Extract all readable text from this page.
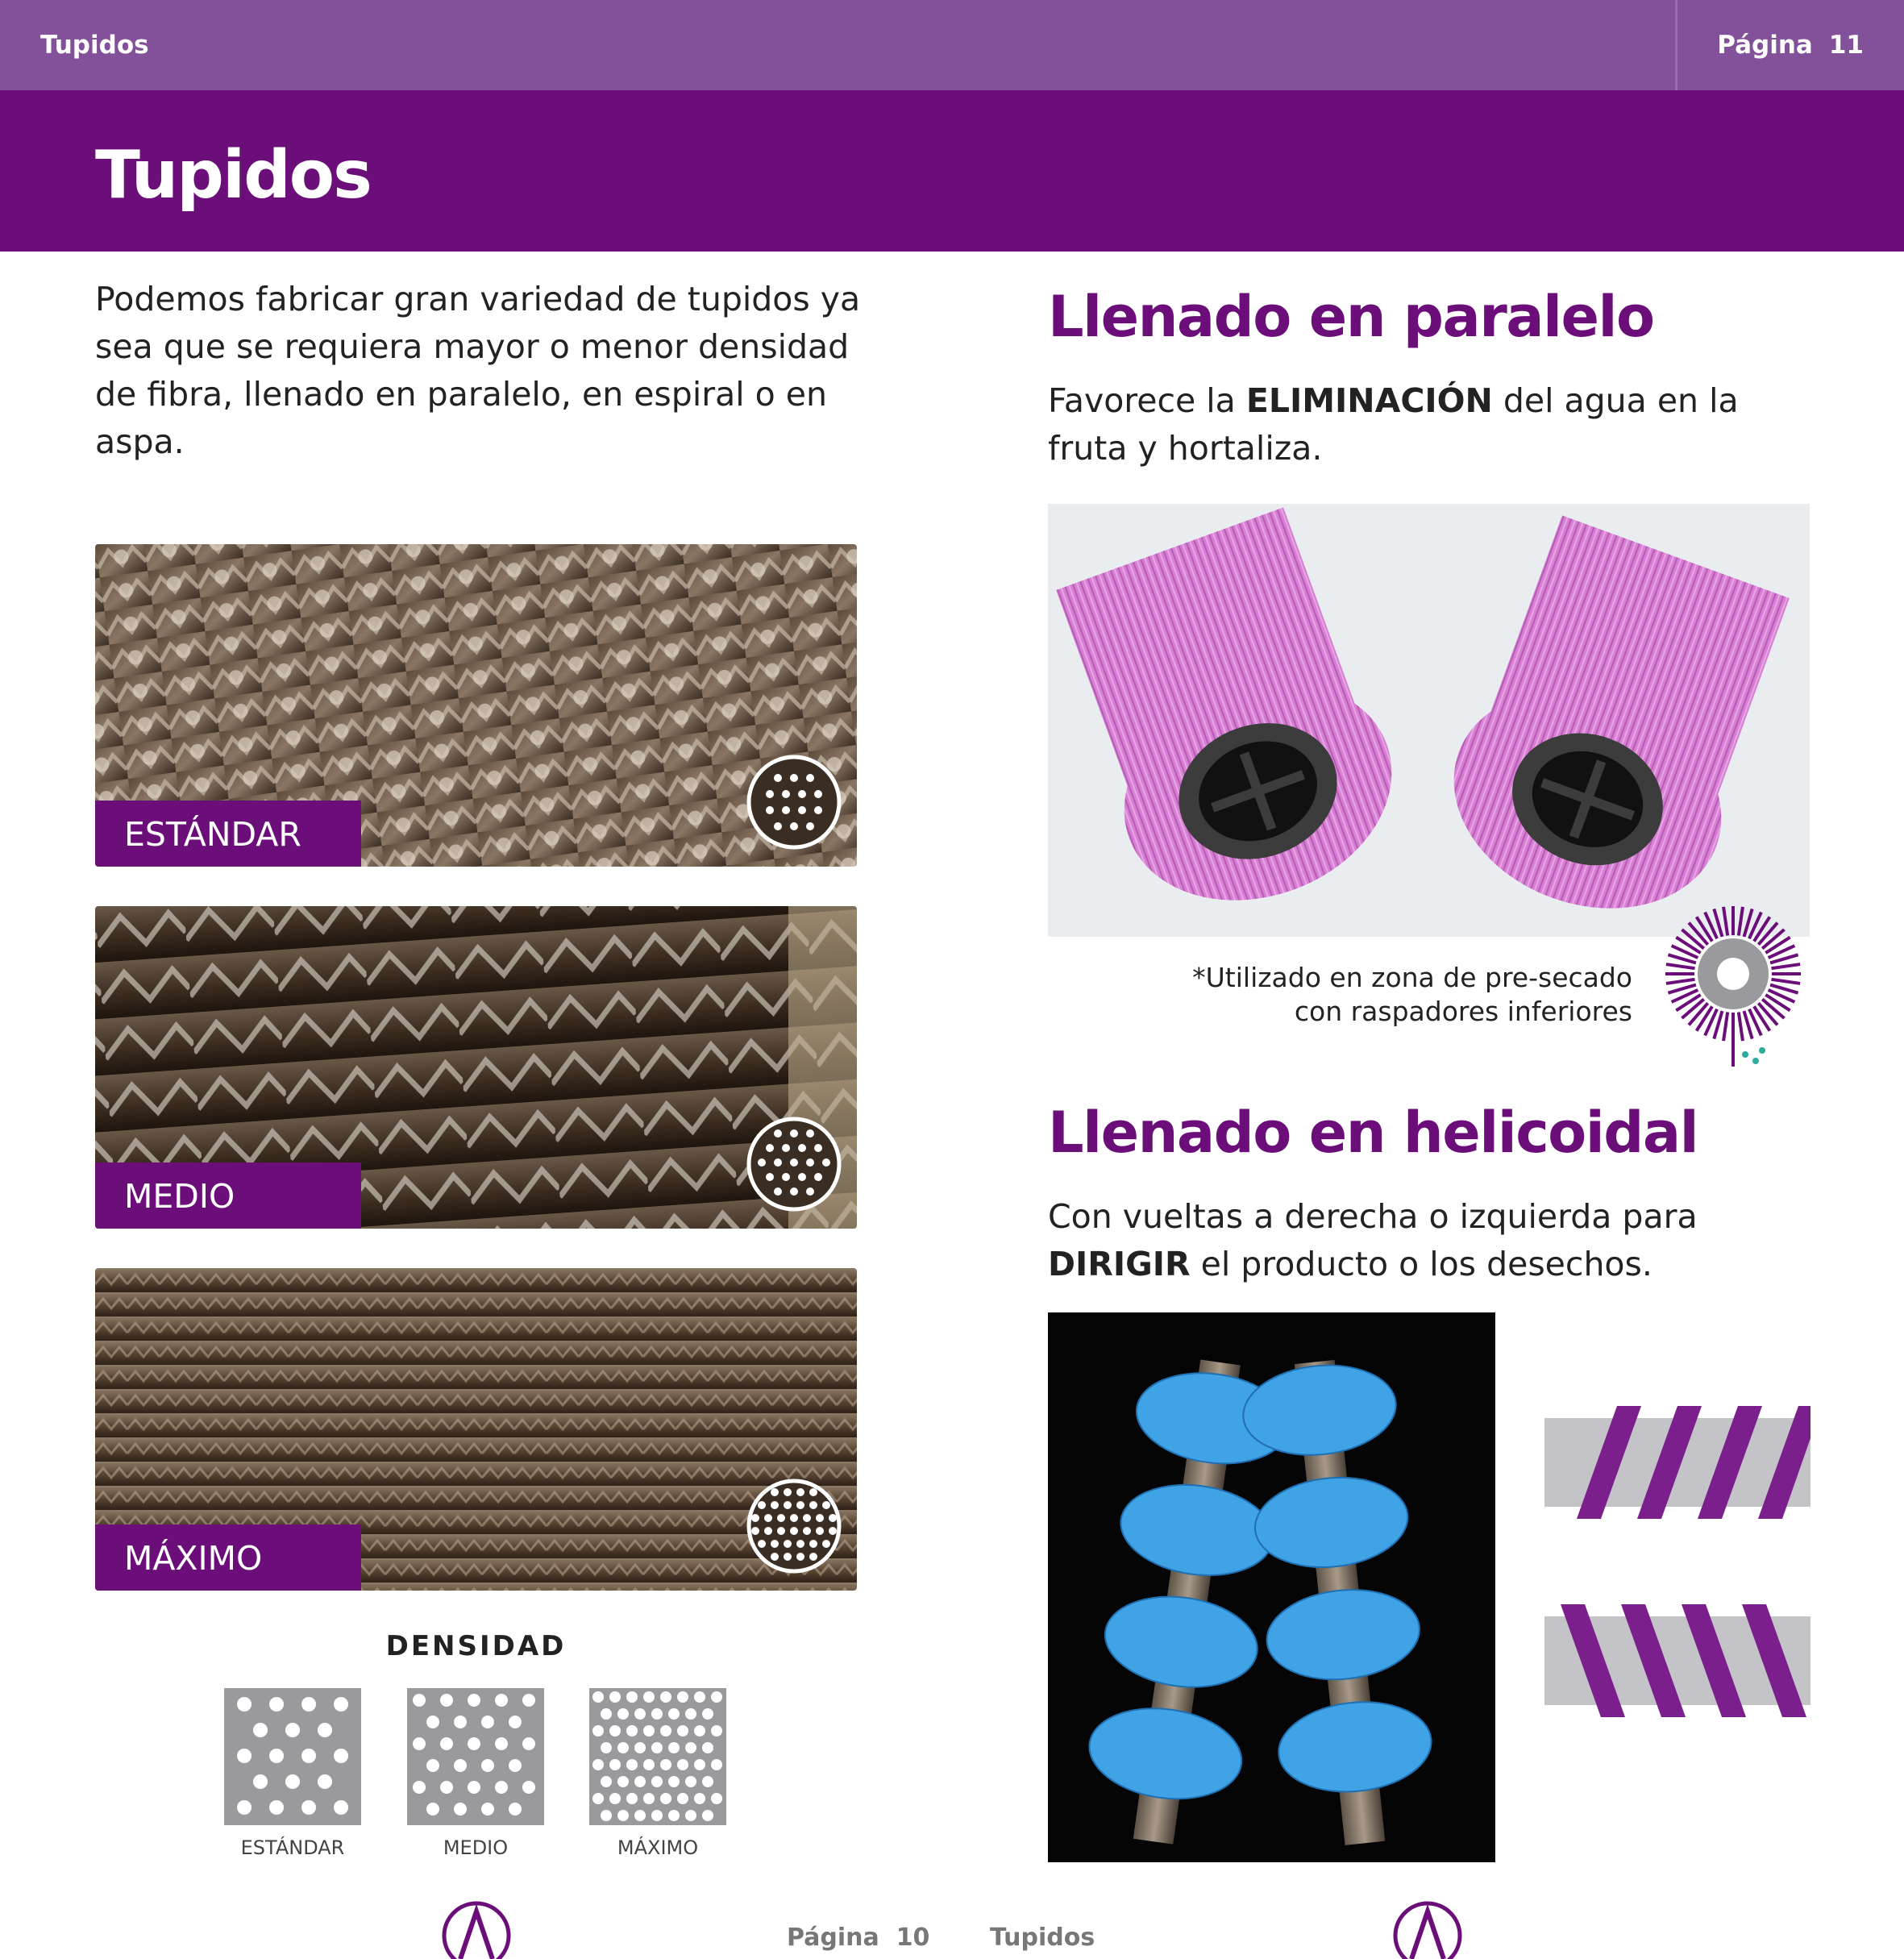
Tupidos	Página 11
Tupidos

Podemos fabricar gran variedad de tupidos ya sea que se requiera mayor o menor densidad de fibra, llenado en paralelo, en espiral o en aspa.

ESTÁNDAR
MEDIO
MÁXIMO
DENSIDAD
ESTÁNDAR	MEDIO	MÁXIMO
Llenado en paralelo

Favorece la ELIMINACIÓN del agua en la fruta y hortaliza.

*Utilizado en zona de pre-secado
con raspadores inferiores
Llenado en helicoidal

Con vueltas a derecha o izquierda para DIRIGIR el producto o los desechos.

Página 10 Tupidos
